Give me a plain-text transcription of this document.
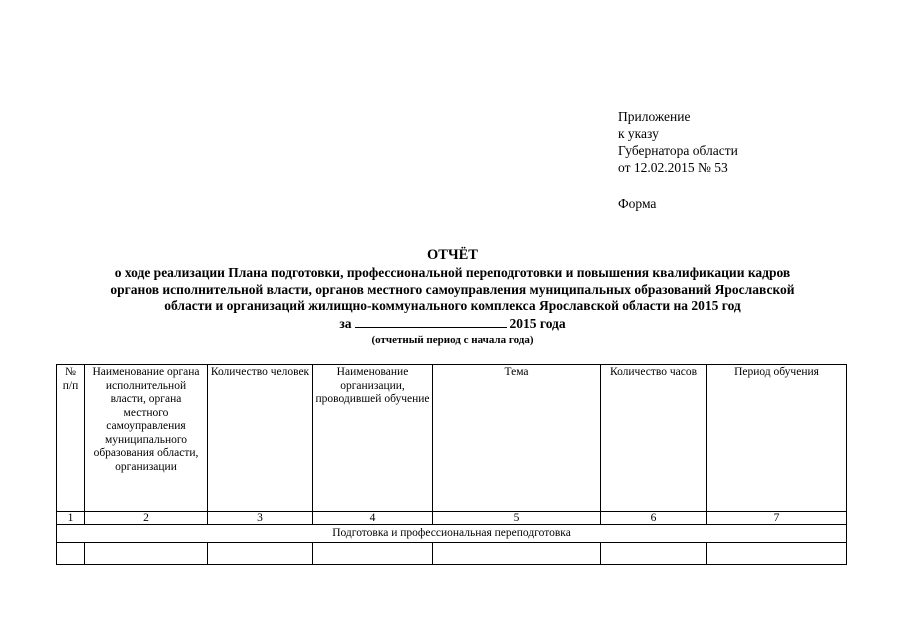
Приложение
к указу
Губернатора области
от 12.02.2015 № 53
Форма
ОТЧЁТ
о ходе реализации Плана подготовки, профессиональной переподготовки и повышения квалификации кадров
органов исполнительной власти, органов местного самоуправления муниципальных образований Ярославской
области и организаций жилищно-коммунального комплекса Ярославской области на 2015 год
за	2015 года
(отчетный период с начала года)
№ п/п	Наименование органа исполнительной власти, органа местного самоуправления муниципального образования области, организации	Количество человек	Наименование организации, проводившей обучение	Тема	Количество часов	Период обучения
1	2	3	4	5	6	7
Подготовка и профессиональная переподготовка						
